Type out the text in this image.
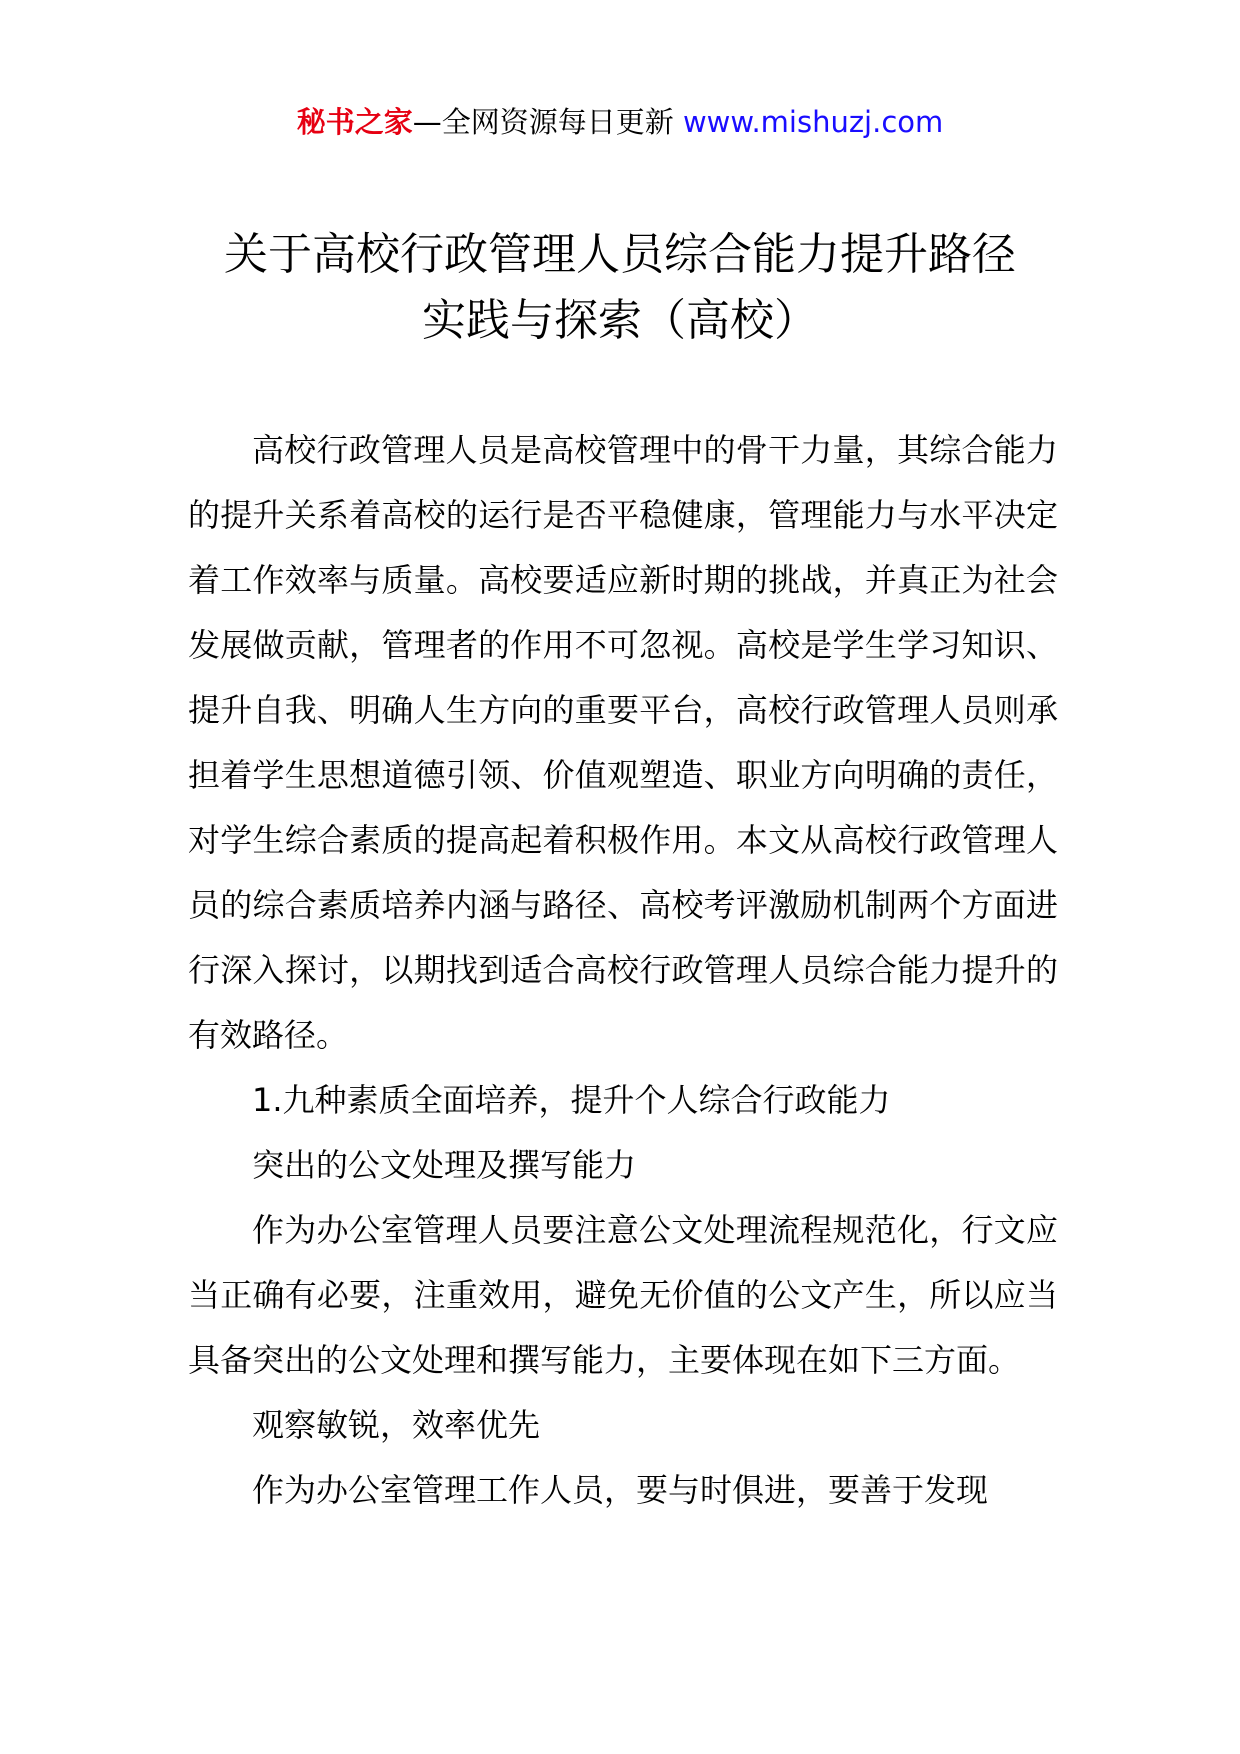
秘书之家—全网资源每日更新 www.mishuzj.com
关于高校行政管理人员综合能力提升路径
实践与探索（高校）

高校行政管理人员是高校管理中的骨干力量，其综合能力的提升关系着高校的运行是否平稳健康，管理能力与水平决定着工作效率与质量。高校要适应新时期的挑战，并真正为社会发展做贡献，管理者的作用不可忽视。高校是学生学习知识、提升自我、明确人生方向的重要平台，高校行政管理人员则承担着学生思想道德引领、价值观塑造、职业方向明确的责任，对学生综合素质的提高起着积极作用。本文从高校行政管理人员的综合素质培养内涵与路径、高校考评激励机制两个方面进行深入探讨，以期找到适合高校行政管理人员综合能力提升的有效路径。

1.九种素质全面培养，提升个人综合行政能力

突出的公文处理及撰写能力

作为办公室管理人员要注意公文处理流程规范化，行文应当正确有必要，注重效用，避免无价值的公文产生，所以应当具备突出的公文处理和撰写能力，主要体现在如下三方面。

观察敏锐，效率优先

作为办公室管理工作人员，要与时俱进，要善于发现
